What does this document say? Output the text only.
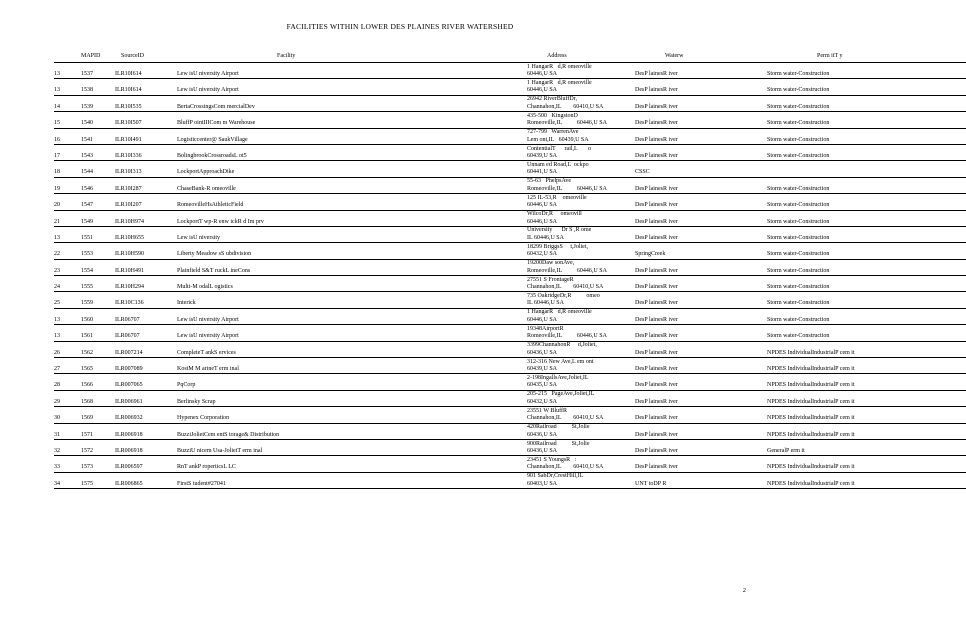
FACILITIES WITHIN LOWER DES PLAINES RIVER WATERSHED
	MAPID	SourceID	Facility	Address	Waterw	Perm itT y
13	1537	ILR10I614	Lew isU niversity Airport	1 HangarR   d,R omeoville
60446,U SA	DesP lainesR iver	Storm water-Construction
13	1538	ILR10I614	Lew isU niversity Airport	1 HangarR   d,R omeoville
60446,U SA	DesP lainesR iver	Storm water-Construction
14	1539	ILR10I535	BertaCrossingsCom mercialDev	26942 RiverBluffDr,
Channahon,IL        60410,U SA	DesP lainesR iver	Storm water-Construction
15	1540	ILR10I507	BluffP ointIIICom m Warehouse	435-500   KingstonD
Romeoville,IL          60446,U SA	DesP lainesR iver	Storm water-Construction
16	1541	ILR10I491	Logisticcenter@ SaukVillage	727-799   WarrenAve
Lem ont,IL   60439,U SA	DesP lainesR iver	Storm water-Construction
17	1543	ILR10I336	BolingbrookCrossroadsL ot5	ContentialT      rail,L       o
60439,U SA	DesP lainesR iver	Storm water-Construction
18	1544	ILR10I313	LockportApproachDike	Unnam ed Road,L  ockpo
60441,U SA	CSSC	
19	1546	ILR10I287	ChaseBank-R omeoville	55-63   PhelpsAve
Romeoville,IL          60446,U SA	DesP lainesR iver	Storm water-Construction
20	1547	ILR10I207	RomeovilleHsAthleticField	125 IL-53,R    omeoville
60446,U SA	DesP lainesR iver	Storm water-Construction
21	1549	ILR10H974	LockportT wp-R enw ickR d Im prv	WilcoDr,R     omeovill
60446,U SA	DesP lainesR iver	Storm water-Construction
13	1551	ILR10H655	Lew isU niversity	University      Dr S ,R ome
IL 60446,U SA	DesP lainesR iver	Storm water-Construction
22	1553	ILR10H590	Liberty Meadow sS ubdivision	18299 BriggsS     t,Joliet,
60432,U SA	SpringCreek	Storm water-Construction
23	1554	ILR10H491	Plainfield S&T ruckL ineCons	19200Daw sonAve,
Romeoville,IL          60446,U SA	DesP lainesR iver	Storm water-Construction
24	1555	ILR10H294	Multi-M odalL ogistics	27551 S FrontageR
Channahon,IL        60410,U SA	DesP lainesR iver	Storm water-Construction
25	1559	ILR10C136	Interick	735 OakridgeDr,R          omeo
IL 60446,U SA	DesP lainesR iver	Storm water-Construction
13	1560	ILR06707	Lew isU niversity Airport	1 HangarR   d,R omeoville
60446,U SA	DesP lainesR iver	Storm water-Construction
13	1561	ILR06707	Lew isU niversity Airport	19348AirportR
Romeoville,IL          60446,U SA	DesP lainesR iver	Storm water-Construction
26	1562	ILR007214	CompleteT ankS ervices	3399ChannahonR     d,Joliet,
60436,U SA	DesP lainesR iver	NPDES IndividualIndustrialP cem it
27	1565	ILR007089	KostM M arineT erm inal	312-316 New Ave,L em ont
60439,U SA	DesP lainesR iver	NPDES IndividualIndustrialP cem it
28	1566	ILR007065	PqCorp	2-198IngallsAve,Joliet,IL
60435,U SA	DesP lainesR iver	NPDES IndividualIndustrialP cem it
29	1568	ILR006961	Berlinsky Scrap	205-215   PageAve,Joliet,IL
60432,U SA	DesP lainesR iver	NPDES IndividualIndustrialP cem it
30	1569	ILR006932	Hypenex Corporation	23551 W BluffR
Channahon,IL        60410,U SA	DesP lainesR iver	NPDES IndividualIndustrialP cem it
31	1571	ILR006918	BuzziJolietCem entS torage& Distribution	420Railroad          St,Jolie
60436,U SA	DesP lainesR iver	NPDES IndividualIndustrialP cem it
32	1572	ILR006918	BuzziU nicem Usa-JolietT erm inal	900Railroad          St,Jolie
60436,U SA	DesP lainesR iver	GeneralP erm it
33	1573	ILR006597	RnT ankP roperticsL LC	23451 S YoungsR   :
Channahon,IL        60410,U SA	DesP lainesR iver	NPDES IndividualIndustrialP cem it
34	1575	ILR006865	FirstS tudent#27041	901 SabDr,CrestHill,IL
60403,U SA	UNT toDP R	NPDES IndividualIndustrialP cem it
2
